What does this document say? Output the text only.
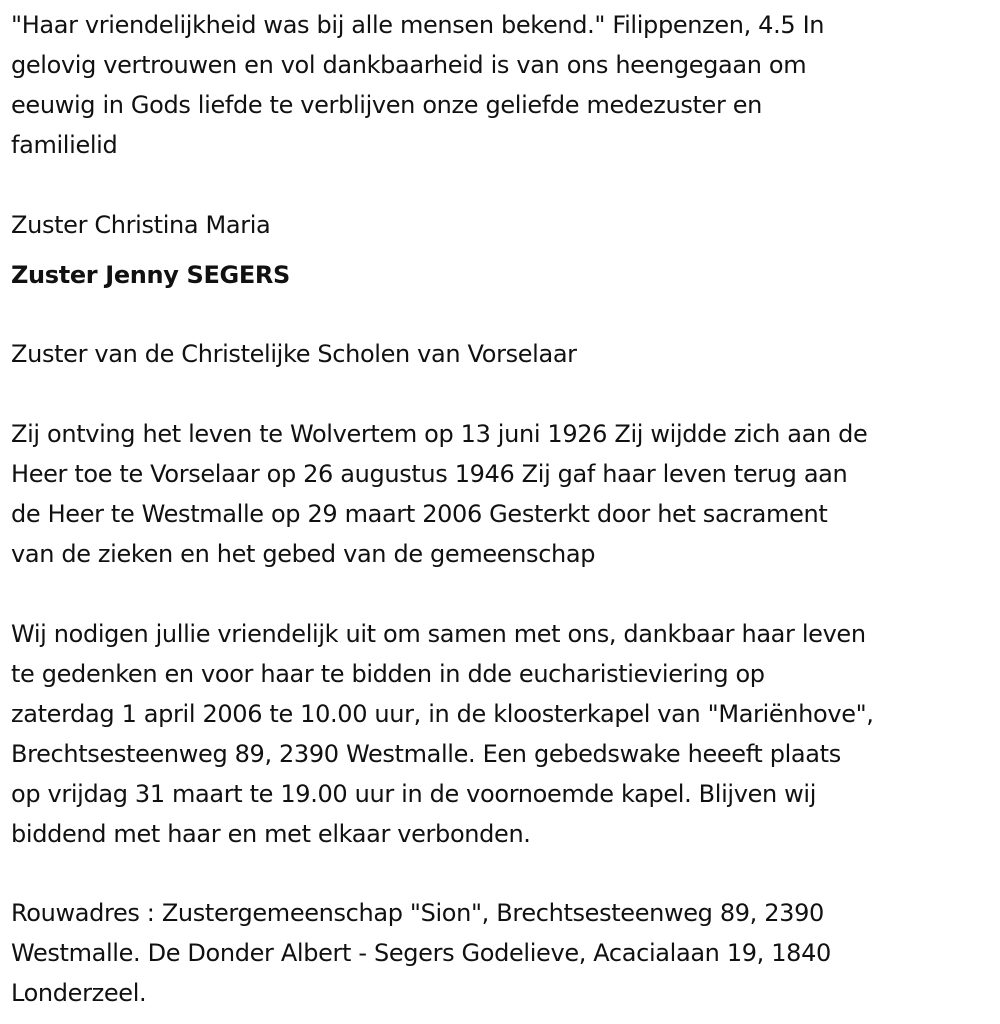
"Haar vriendelijkheid was bij alle mensen bekend." Filippenzen, 4.5 In
gelovig vertrouwen en vol dankbaarheid is van ons heengegaan om
eeuwig in Gods liefde te verblijven onze geliefde medezuster en
familielid

Zuster Christina Maria

Zuster Jenny SEGERS

Zuster van de Christelijke Scholen van Vorselaar

Zij ontving het leven te Wolvertem op 13 juni 1926 Zij wijdde zich aan de
Heer toe te Vorselaar op 26 augustus 1946 Zij gaf haar leven terug aan
de Heer te Westmalle op 29 maart 2006 Gesterkt door het sacrament
van de zieken en het gebed van de gemeenschap

Wij nodigen jullie vriendelijk uit om samen met ons, dankbaar haar leven
te gedenken en voor haar te bidden in dde eucharistieviering op
zaterdag 1 april 2006 te 10.00 uur, in de kloosterkapel van "Mariënhove",
Brechtsesteenweg 89, 2390 Westmalle. Een gebedswake heeeft plaats
op vrijdag 31 maart te 19.00 uur in de voornoemde kapel. Blijven wij
biddend met haar en met elkaar verbonden.

Rouwadres : Zustergemeenschap "Sion", Brechtsesteenweg 89, 2390
Westmalle. De Donder Albert - Segers Godelieve, Acacialaan 19, 1840
Londerzeel.
